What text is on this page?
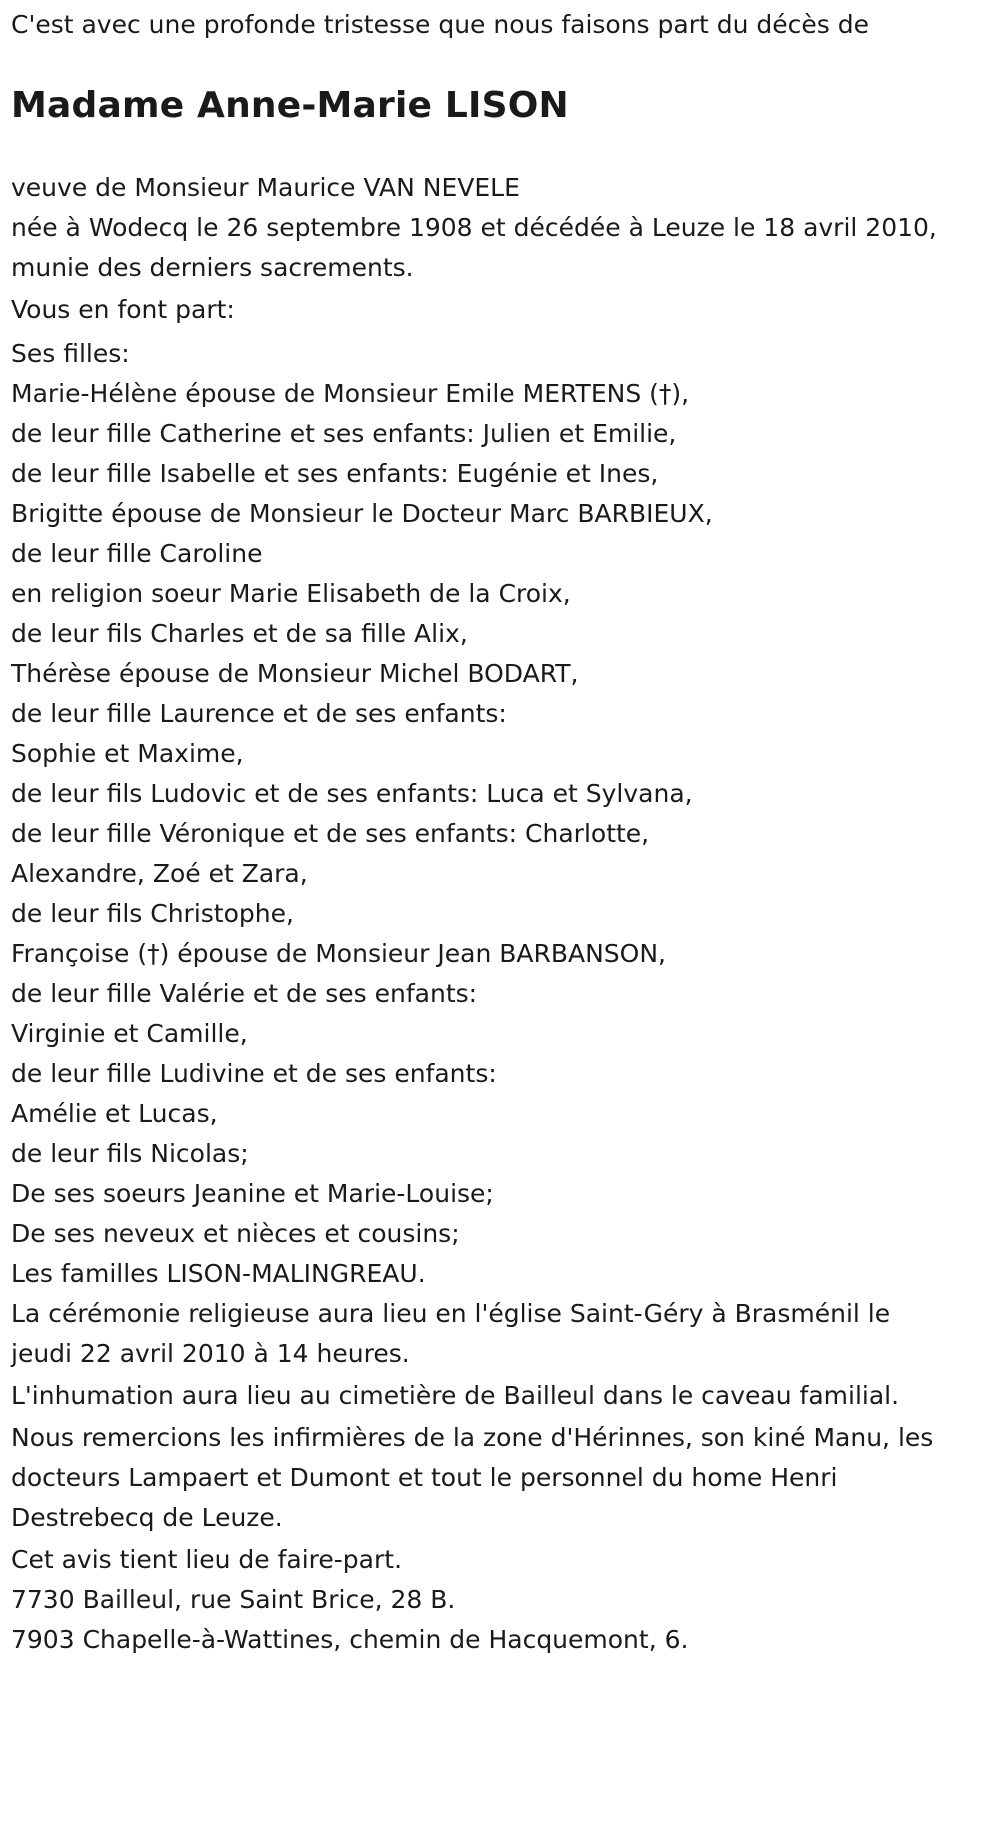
C'est avec une profonde tristesse que nous faisons part du décès de

Madame Anne-Marie LISON

veuve de Monsieur Maurice VAN NEVELE

née à Wodecq le 26 septembre 1908 et décédée à Leuze le 18 avril 2010,

munie des derniers sacrements.

Vous en font part:

Ses filles:

Marie-Hélène épouse de Monsieur Emile MERTENS (†),

de leur fille Catherine et ses enfants: Julien et Emilie,

de leur fille Isabelle et ses enfants: Eugénie et Ines,

Brigitte épouse de Monsieur le Docteur Marc BARBIEUX,

de leur fille Caroline

en religion soeur Marie Elisabeth de la Croix,

de leur fils Charles et de sa fille Alix,

Thérèse épouse de Monsieur Michel BODART,

de leur fille Laurence et de ses enfants:

Sophie et Maxime,

de leur fils Ludovic et de ses enfants: Luca et Sylvana,

de leur fille Véronique et de ses enfants: Charlotte,

Alexandre, Zoé et Zara,

de leur fils Christophe,

Françoise (†) épouse de Monsieur Jean BARBANSON,

de leur fille Valérie et de ses enfants:

Virginie et Camille,

de leur fille Ludivine et de ses enfants:

Amélie et Lucas,

de leur fils Nicolas;

De ses soeurs Jeanine et Marie-Louise;

De ses neveux et nièces et cousins;

Les familles LISON-MALINGREAU.

La cérémonie religieuse aura lieu en l'église Saint-Géry à Brasménil le

jeudi 22 avril 2010 à 14 heures.

L'inhumation aura lieu au cimetière de Bailleul dans le caveau familial.

Nous remercions les infirmières de la zone d'Hérinnes, son kiné Manu, les

docteurs Lampaert et Dumont et tout le personnel du home Henri

Destrebecq de Leuze.

Cet avis tient lieu de faire-part.

7730 Bailleul, rue Saint Brice, 28 B.

7903 Chapelle-à-Wattines, chemin de Hacquemont, 6.
